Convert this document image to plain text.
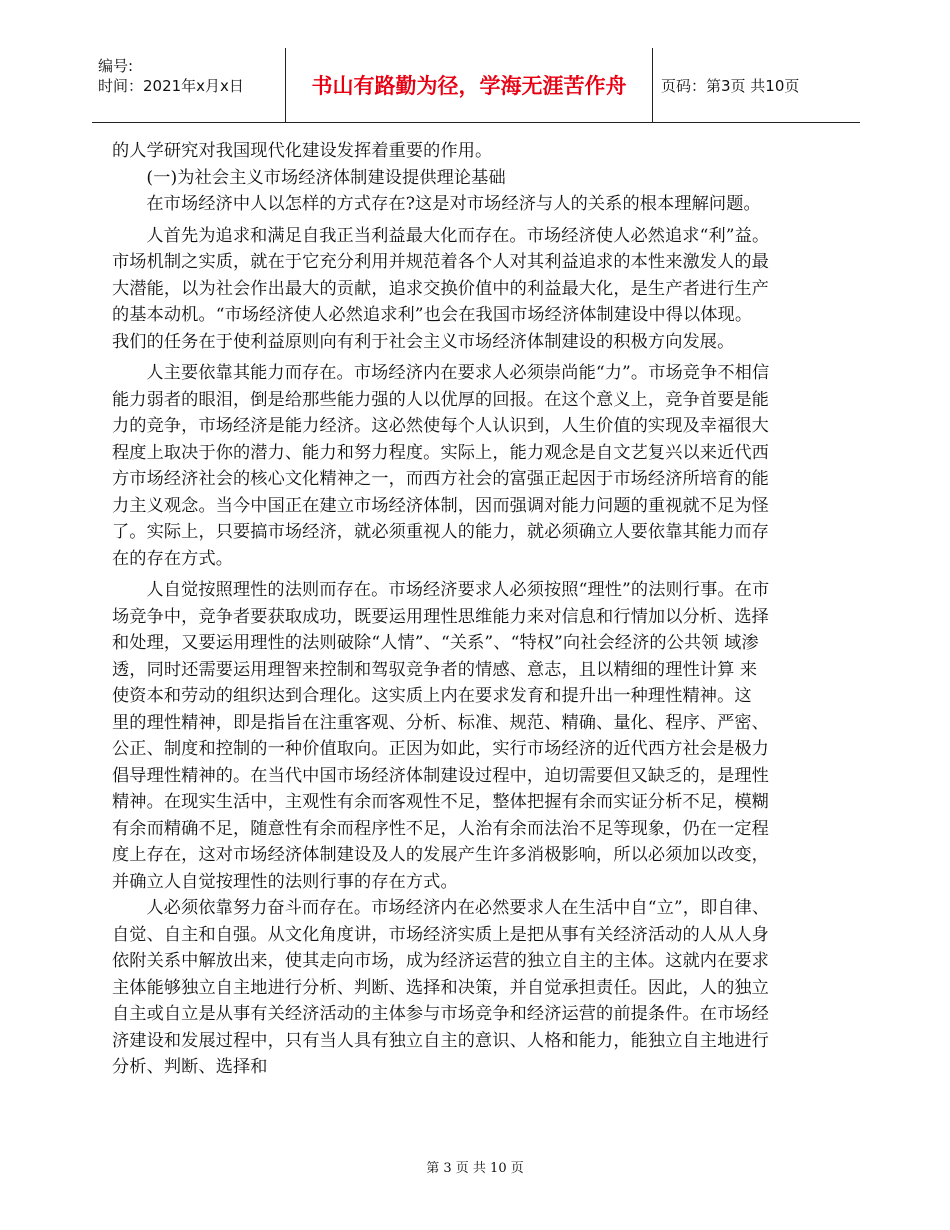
编号:
时间：2021年x月x日	书山有路勤为径，学海无涯苦作舟	页码：第3页 共10页

的人学研究对我国现代化建设发挥着重要的作用。

(一)为社会主义市场经济体制建设提供理论基础

在市场经济中人以怎样的方式存在?这是对市场经济与人的关系的根本理解问题。

人首先为追求和满足自我正当利益最大化而存在。市场经济使人必然追求“利”益。 市场机制之实质，就在于它充分利用并规范着各个人对其利益追求的本性来激发人的最 大潜能，以为社会作出最大的贡献，追求交换价值中的利益最大化，是生产者进行生产 的基本动机。“市场经济使人必然追求利”也会在我国市场经济体制建设中得以体现。 我们的任务在于使利益原则向有利于社会主义市场经济体制建设的积极方向发展。

人主要依靠其能力而存在。市场经济内在要求人必须崇尚能“力”。市场竞争不相信 能力弱者的眼泪，倒是给那些能力强的人以优厚的回报。在这个意义上，竞争首要是能 力的竞争，市场经济是能力经济。这必然使每个人认识到，人生价值的实现及幸福很大 程度上取决于你的潜力、能力和努力程度。实际上，能力观念是自文艺复兴以来近代西 方市场经济社会的核心文化精神之一，而西方社会的富强正起因于市场经济所培育的能 力主义观念。当今中国正在建立市场经济体制，因而强调对能力问题的重视就不足为怪 了。实际上，只要搞市场经济，就必须重视人的能力，就必须确立人要依靠其能力而存 在的存在方式。

人自觉按照理性的法则而存在。市场经济要求人必须按照“理性”的法则行事。在市 场竞争中，竞争者要获取成功，既要运用理性思维能力来对信息和行情加以分析、选择 和处理，又要运用理性的法则破除“人情”、“关系”、“特权”向社会经济的公共领 域渗透，同时还需要运用理智来控制和驾驭竞争者的情感、意志，且以精细的理性计算 来使资本和劳动的组织达到合理化。这实质上内在要求发育和提升出一种理性精神。这 里的理性精神，即是指旨在注重客观、分析、标准、规范、精确、量化、程序、严密、 公正、制度和控制的一种价值取向。正因为如此，实行市场经济的近代西方社会是极力 倡导理性精神的。在当代中国市场经济体制建设过程中，迫切需要但又缺乏的，是理性 精神。在现实生活中，主观性有余而客观性不足，整体把握有余而实证分析不足，模糊 有余而精确不足，随意性有余而程序性不足，人治有余而法治不足等现象，仍在一定程 度上存在，这对市场经济体制建设及人的发展产生许多消极影响，所以必须加以改变， 并确立人自觉按理性的法则行事的存在方式。

人必须依靠努力奋斗而存在。市场经济内在必然要求人在生活中自“立”，即自律、 自觉、自主和自强。从文化角度讲，市场经济实质上是把从事有关经济活动的人从人身 依附关系中解放出来，使其走向市场，成为经济运营的独立自主的主体。这就内在要求 主体能够独立自主地进行分析、判断、选择和决策，并自觉承担责任。因此，人的独立 自主或自立是从事有关经济活动的主体参与市场竞争和经济运营的前提条件。在市场经 济建设和发展过程中，只有当人具有独立自主的意识、人格和能力，能独立自主地进行 分析、判断、选择和

第 3 页 共 10 页
